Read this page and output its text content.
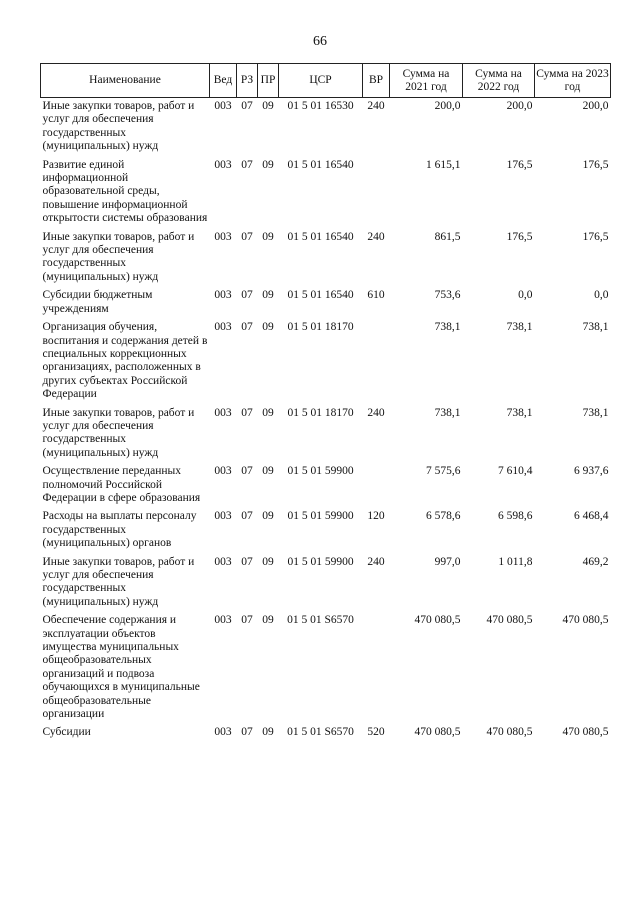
66
Наименование	Вед	РЗ	ПР	ЦСР	ВР	Сумма на 2021 год	Сумма на 2022 год	Сумма на 2023 год
Иные закупки товаров, работ и услуг для обеспечения государственных (муниципальных) нужд	003	07	09	01 5 01 16530	240	200,0	200,0	200,0
Развитие единой информационной образовательной среды, повышение информационной открытости системы образования	003	07	09	01 5 01 16540		1 615,1	176,5	176,5
Иные закупки товаров, работ и услуг для обеспечения государственных (муниципальных) нужд	003	07	09	01 5 01 16540	240	861,5	176,5	176,5
Субсидии бюджетным учреждениям	003	07	09	01 5 01 16540	610	753,6	0,0	0,0
Организация обучения, воспитания и содержания детей в специальных коррекционных организациях, расположенных в других субъектах Российской Федерации	003	07	09	01 5 01 18170		738,1	738,1	738,1
Иные закупки товаров, работ и услуг для обеспечения государственных (муниципальных) нужд	003	07	09	01 5 01 18170	240	738,1	738,1	738,1
Осуществление переданных полномочий Российской Федерации в сфере образования	003	07	09	01 5 01 59900		7 575,6	7 610,4	6 937,6
Расходы на выплаты персоналу государственных (муниципальных) органов	003	07	09	01 5 01 59900	120	6 578,6	6 598,6	6 468,4
Иные закупки товаров, работ и услуг для обеспечения государственных (муниципальных) нужд	003	07	09	01 5 01 59900	240	997,0	1 011,8	469,2
Обеспечение содержания и эксплуатации объектов имущества муниципальных общеобразовательных организаций и подвоза обучающихся в муниципальные общеобразовательные организации	003	07	09	01 5 01 S6570		470 080,5	470 080,5	470 080,5
Субсидии	003	07	09	01 5 01 S6570	520	470 080,5	470 080,5	470 080,5
